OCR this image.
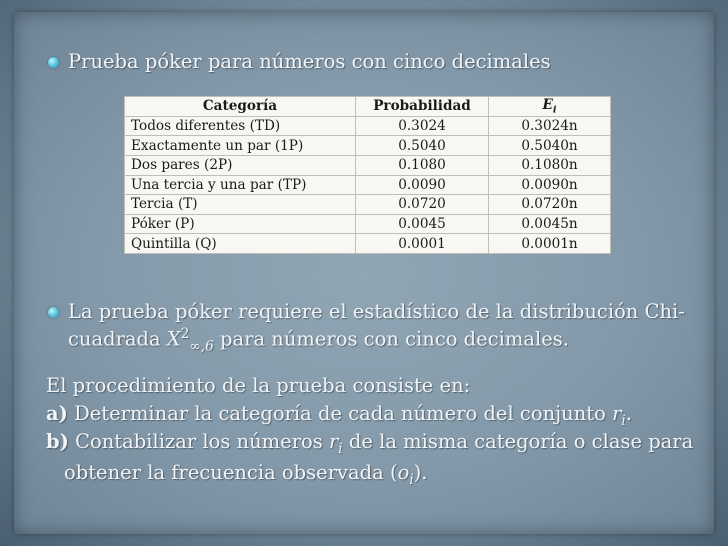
Prueba póker para números con cinco decimales
Categoría	Probabilidad	$E_i$
Todos diferentes (TD)	0.3024	0.3024n
Exactamente un par (1P)	0.5040	0.5040n
Dos pares (2P)	0.1080	0.1080n
Una tercia y una par (TP)	0.0090	0.0090n
Tercia (T)	0.0720	0.0720n
Póker (P)	0.0045	0.0045n
Quintilla (Q)	0.0001	0.0001n
La prueba póker requiere el estadístico de la distribución Chi-cuadrada $X^2_{\infty,6}$ para números con cinco decimales.
El procedimiento de la prueba consiste en:
a) Determinar la categoría de cada número del conjunto $r_i$.
b) Contabilizar los números $r_i$ de la misma categoría o clase para obtener la frecuencia observada $(o_i)$.
